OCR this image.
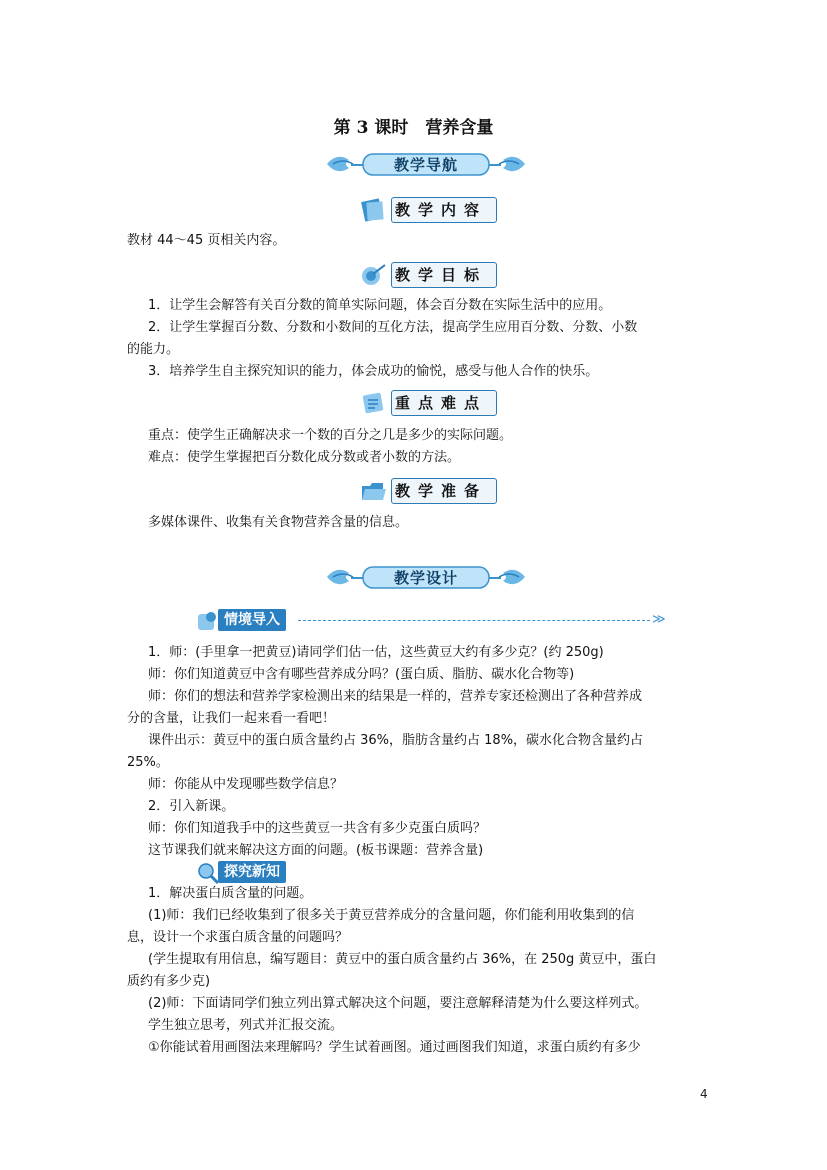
第 3 课时　营养含量
教学导航
教学内容
教材 44～45 页相关内容。
教学目标
1．让学生会解答有关百分数的简单实际问题，体会百分数在实际生活中的应用。
2．让学生掌握百分数、分数和小数间的互化方法，提高学生应用百分数、分数、小数
的能力。
3．培养学生自主探究知识的能力，体会成功的愉悦，感受与他人合作的快乐。
重点难点
重点：使学生正确解决求一个数的百分之几是多少的实际问题。
难点：使学生掌握把百分数化成分数或者小数的方法。
教学准备
多媒体课件、收集有关食物营养含量的信息。
教学设计
情境导入	≫
1．师：(手里拿一把黄豆)请同学们估一估，这些黄豆大约有多少克？(约 250g)
师：你们知道黄豆中含有哪些营养成分吗？(蛋白质、脂肪、碳水化合物等)
师：你们的想法和营养学家检测出来的结果是一样的，营养专家还检测出了各种营养成
分的含量，让我们一起来看一看吧！
课件出示：黄豆中的蛋白质含量约占 36%，脂肪含量约占 18%，碳水化合物含量约占
25%。
师：你能从中发现哪些数学信息？
2．引入新课。
师：你们知道我手中的这些黄豆一共含有多少克蛋白质吗？
这节课我们就来解决这方面的问题。(板书课题：营养含量)
探究新知
1．解决蛋白质含量的问题。
(1)师：我们已经收集到了很多关于黄豆营养成分的含量问题，你们能利用收集到的信
息，设计一个求蛋白质含量的问题吗？
(学生提取有用信息，编写题目：黄豆中的蛋白质含量约占 36%，在 250g 黄豆中，蛋白
质约有多少克)
(2)师：下面请同学们独立列出算式解决这个问题，要注意解释清楚为什么要这样列式。
学生独立思考，列式并汇报交流。
①你能试着用画图法来理解吗？学生试着画图。通过画图我们知道，求蛋白质约有多少
4
